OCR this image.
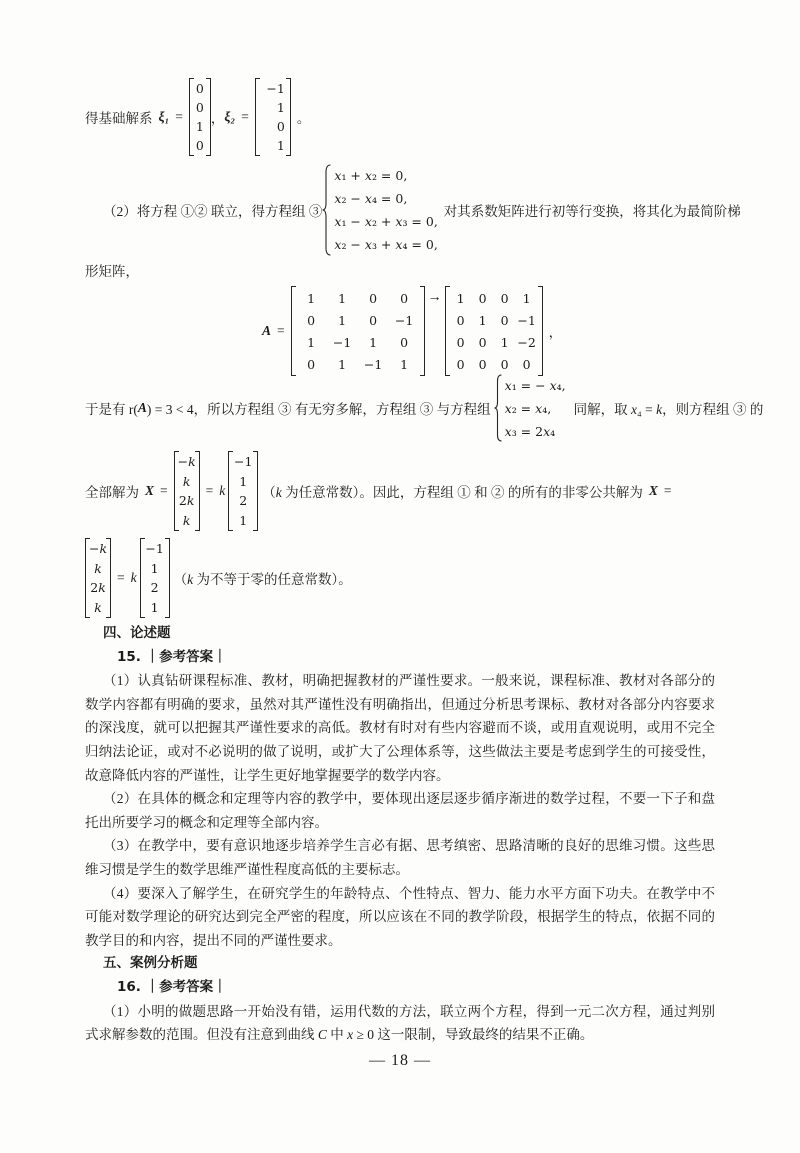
得基础解系 ξ₁ =
0
0
1
0
， ξ₂ =
−1
1
0
1
。
（2）将方程 ①② 联立，得方程组 ③
x₁ + x₂ = 0,
x₂ − x₄ = 0,
x₁ − x₂ + x₃ = 0,
x₂ − x₃ + x₄ = 0,
对其系数矩阵进行初等行变换，将其化为最简阶梯
形矩阵，
A =
1	1	0	0
0	1	0	−1
1	−1	1	0
0	1	−1	1
→	1	0	0	1
0	1	0 −1
0	0	1 −2
0	0	0	0
，
于是有 r( A ) = 3 < 4，所以方程组 ③ 有无穷多解，方程组 ③ 与方程组
x₁ = − x₄,
x₂ = x₄,
x₃ = 2x₄
同解，取 x₄ = k，则方程组 ③ 的
全部解为 X =
−k
k
2k
k
= k
−1
1
2
1
（k 为任意常数）。因此，方程组 ① 和 ② 的所有的非零公共解为 X =
−k
k
2k
k
= k
−1
1
2
1
（k 为不等于零的任意常数）。
四、论述题
15. ｜参考答案｜

（1）认真钻研课程标准、教材，明确把握教材的严谨性要求。一般来说，课程标准、教材对各部分的数学内容都有明确的要求，虽然对其严谨性没有明确指出，但通过分析思考课标、教材对各部分内容要求的深浅度，就可以把握其严谨性要求的高低。教材有时对有些内容避而不谈，或用直观说明，或用不完全归纳法论证，或对不必说明的做了说明，或扩大了公理体系等，这些做法主要是考虑到学生的可接受性，故意降低内容的严谨性，让学生更好地掌握要学的数学内容。

（2）在具体的概念和定理等内容的教学中，要体现出逐层逐步循序渐进的数学过程，不要一下子和盘托出所要学习的概念和定理等全部内容。

（3）在教学中，要有意识地逐步培养学生言必有据、思考缜密、思路清晰的良好的思维习惯。这些思维习惯是学生的数学思维严谨性程度高低的主要标志。

（4）要深入了解学生，在研究学生的年龄特点、个性特点、智力、能力水平方面下功夫。在教学中不可能对数学理论的研究达到完全严密的程度，所以应该在不同的教学阶段，根据学生的特点，依据不同的教学目的和内容，提出不同的严谨性要求。

五、案例分析题
16. ｜参考答案｜

（1）小明的做题思路一开始没有错，运用代数的方法，联立两个方程，得到一元二次方程，通过判别式求解参数的范围。但没有注意到曲线 C 中 x ≥ 0 这一限制，导致最终的结果不正确。

— 18 —
